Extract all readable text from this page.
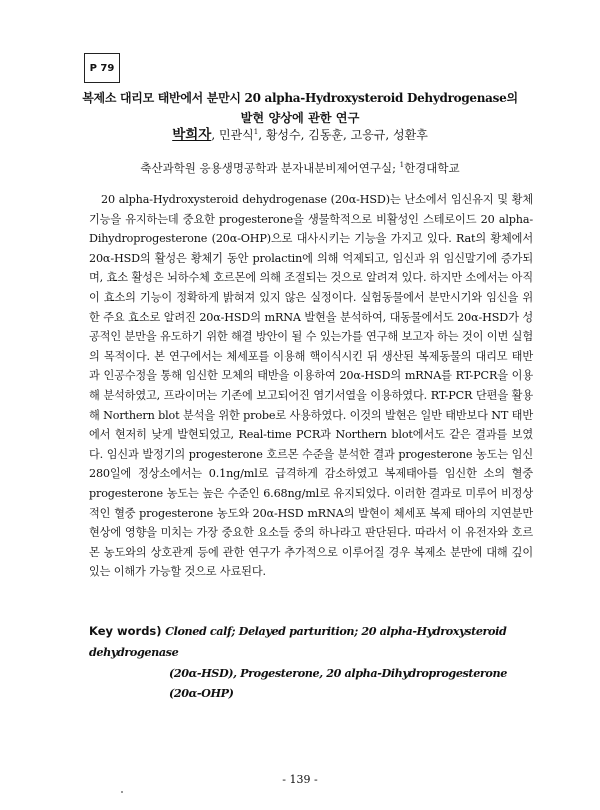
P 79
복제소 대리모 태반에서 분만시 20 alpha-Hydroxysteroid Dehydrogenase의
발현 양상에 관한 연구
박희자, 민관식$^1$, 황성수, 김동훈, 고응규, 성환후
축산과학원 응용생명공학과 분자내분비제어연구실; $^1$한경대학교

20 alpha-Hydroxysteroid dehydrogenase (20α-HSD)는 난소에서 임신유지 및 황체 기능을 유지하는데 중요한 progesterone을 생물학적으로 비활성인 스테로이드 20 alpha- Dihydroprogesterone (20α-OHP)으로 대사시키는 기능을 가지고 있다. Rat의 황체에서 20α-HSD의 활성은 황체기 동안 prolactin에 의해 억제되고, 임신과 위 임신말기에 증가되며, 효소 활성은 뇌하수체 호르몬에 의해 조절되는 것으로 알려져 있다. 하지만 소에서는 아직 이 효소의 기능이 정확하게 밝혀져 있지 않은 실정이다. 실험동물에서 분만시기와 임신을 위한 주요 효소로 알려진 20α-HSD의 mRNA 발현을 분석하여, 대동물에서도 20α-HSD가 성공적인 분만을 유도하기 위한 해결 방안이 될 수 있는가를 연구해 보고자 하는 것이 이번 실험의 목적이다. 본 연구에서는 체세포를 이용해 핵이식시킨 뒤 생산된 복제동물의 대리모 태반과 인공수정을 통해 임신한 모체의 태반을 이용하여 20α-HSD의 mRNA를 RT-PCR을 이용해 분석하였고, 프라이머는 기존에 보고되어진 염기서열을 이용하였다. RT-PCR 단편을 활용해 Northern blot 분석을 위한 probe로 사용하였다. 이것의 발현은 일반 태반보다 NT 태반에서 현저히 낮게 발현되었고, Real-time PCR과 Northern blot에서도 같은 결과를 보였다. 임신과 발정기의 progesterone 호르몬 수준을 분석한 결과 progesterone 농도는 임신 280일에 정상소에서는 0.1ng/ml로 급격하게 감소하였고 복제태아를 임신한 소의 혈중 progesterone 농도는 높은 수준인 6.68ng/ml로 유지되었다. 이러한 결과로 미루어 비정상적인 혈중 progesterone 농도와 20α-HSD mRNA의 발현이 체세포 복제 태아의 지연분만 현상에 영향을 미치는 가장 중요한 요소들 중의 하나라고 판단된다. 따라서 이 유전자와 호르몬 농도와의 상호관계 등에 관한 연구가 추가적으로 이루어질 경우 복제소 분만에 대해 깊이 있는 이해가 가능할 것으로 사료된다.

Key words) Cloned calf; Delayed parturition; 20 alpha-Hydroxysteroid dehydrogenase
(20α-HSD), Progesterone, 20 alpha-Dihydroprogesterone (20α-OHP)
- 139 -
